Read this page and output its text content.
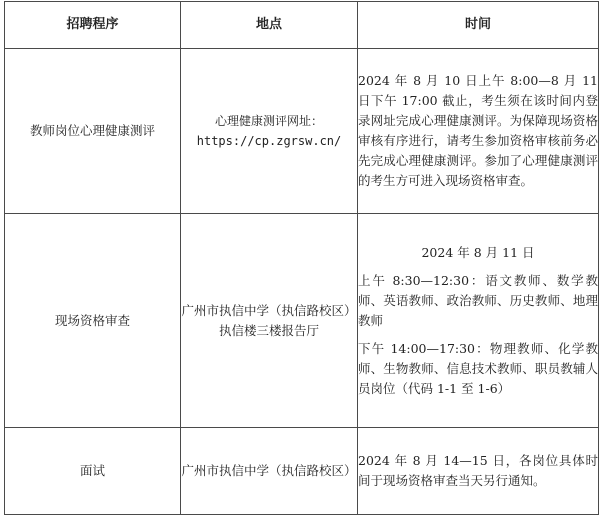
招聘程序	地点	时间
教师岗位心理健康测评	心理健康测评网址：https://cp.zgrsw.cn/	2024 年 8 月 10 日上午 8:00—8 月 11 日下午 17:00 截止，考生须在该时间内登录网址完成心理健康测评。为保障现场资格审核有序进行，请考生参加资格审核前务必先完成心理健康测评。参加了心理健康测评的考生方可进入现场资格审查。
现场资格审查	广州市执信中学（执信路校区）执信楼三楼报告厅	2024 年 8 月 11 日

上午 8:30—12:30：语文教师、数学教师、英语教师、政治教师、历史教师、地理教师

下午 14:00—17:30：物理教师、化学教师、生物教师、信息技术教师、职员教辅人员岗位（代码 1-1 至 1-6）

面试	广州市执信中学（执信路校区）	2024 年 8 月 14—15 日，各岗位具体时间于现场资格审查当天另行通知。
